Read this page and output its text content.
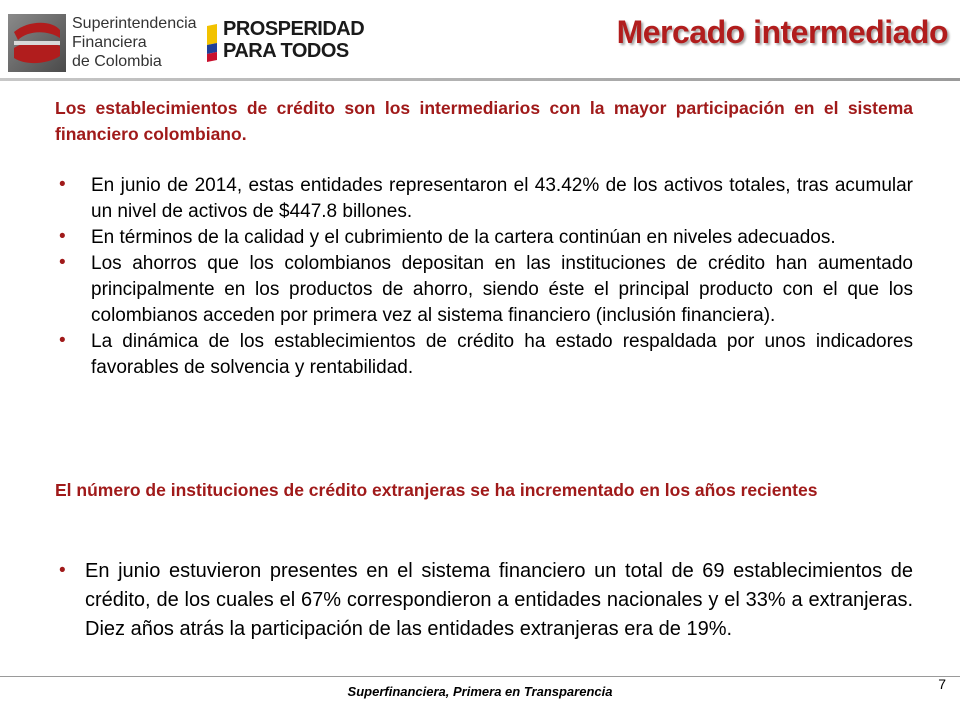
Superintendencia
Financiera
de Colombia
PROSPERIDAD
PARA TODOS
Mercado intermediado

Los establecimientos de crédito son los intermediarios con la mayor participación en el sistema financiero colombiano.

• En junio de 2014, estas entidades representaron el 43.42% de los activos totales, tras acumular un nivel de activos de $447.8 billones.
• En términos de la calidad y el cubrimiento de la cartera continúan en niveles adecuados.
• Los ahorros que los colombianos depositan en las instituciones de crédito han aumentado principalmente en los productos de ahorro, siendo éste el principal producto con el que los colombianos acceden por primera vez al sistema financiero (inclusión financiera).
• La dinámica de los establecimientos de crédito ha estado respaldada por unos indicadores favorables de solvencia y rentabilidad.

El número de instituciones de crédito extranjeras se ha incrementado en los años recientes

• En junio estuvieron presentes en el sistema financiero un total de 69 establecimientos de crédito, de los cuales el 67% correspondieron a entidades nacionales y el 33% a extranjeras. Diez años atrás la participación de las entidades extranjeras era de 19%.
Superfinanciera, Primera en Transparencia	7
